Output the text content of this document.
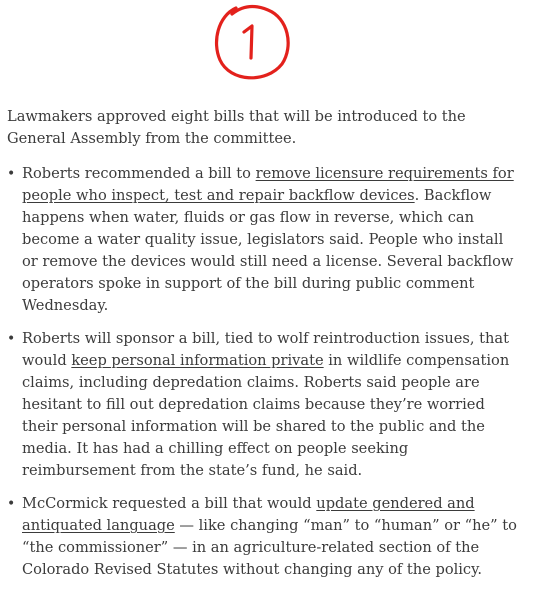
Lawmakers approved eight bills that will be introduced to the General Assembly from the committee.

• Roberts recommended a bill to remove licensure requirements for people who inspect, test and repair backflow devices. Backflow happens when water, fluids or gas flow in reverse, which can become a water quality issue, legislators said. People who install or remove the devices would still need a license. Several backflow operators spoke in support of the bill during public comment Wednesday.
• Roberts will sponsor a bill, tied to wolf reintroduction issues, that would keep personal information private in wildlife compensation claims, including depredation claims. Roberts said people are hesitant to fill out depredation claims because they’re worried their personal information will be shared to the public and the media. It has had a chilling effect on people seeking reimbursement from the state’s fund, he said.
• McCormick requested a bill that would update gendered and antiquated language — like changing “man” to “human” or “he” to “the commissioner” — in an agriculture-related section of the Colorado Revised Statutes without changing any of the policy.
